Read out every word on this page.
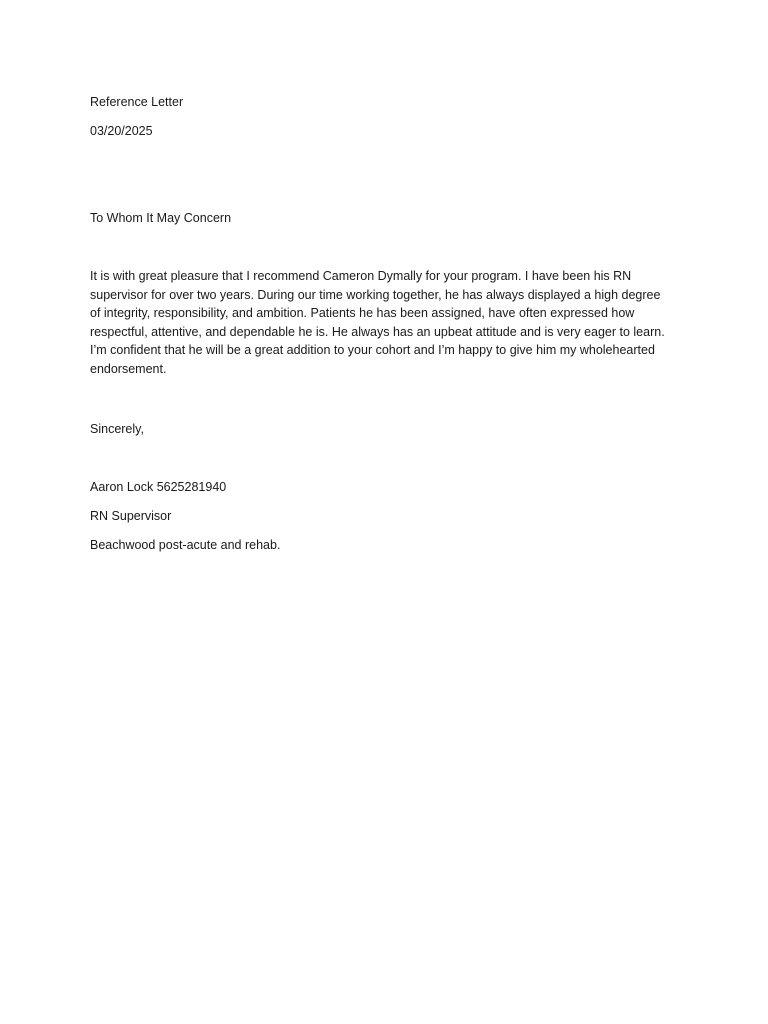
Reference Letter

03/20/2025

To Whom It May Concern

It is with great pleasure that I recommend Cameron Dymally for your program. I have been his RN
supervisor for over two years. During our time working together, he has always displayed a high degree
of integrity, responsibility, and ambition. Patients he has been assigned, have often expressed how
respectful, attentive, and dependable he is. He always has an upbeat attitude and is very eager to learn.
I’m confident that he will be a great addition to your cohort and I’m happy to give him my wholehearted
endorsement.

Sincerely,

Aaron Lock 5625281940

RN Supervisor

Beachwood post-acute and rehab.
